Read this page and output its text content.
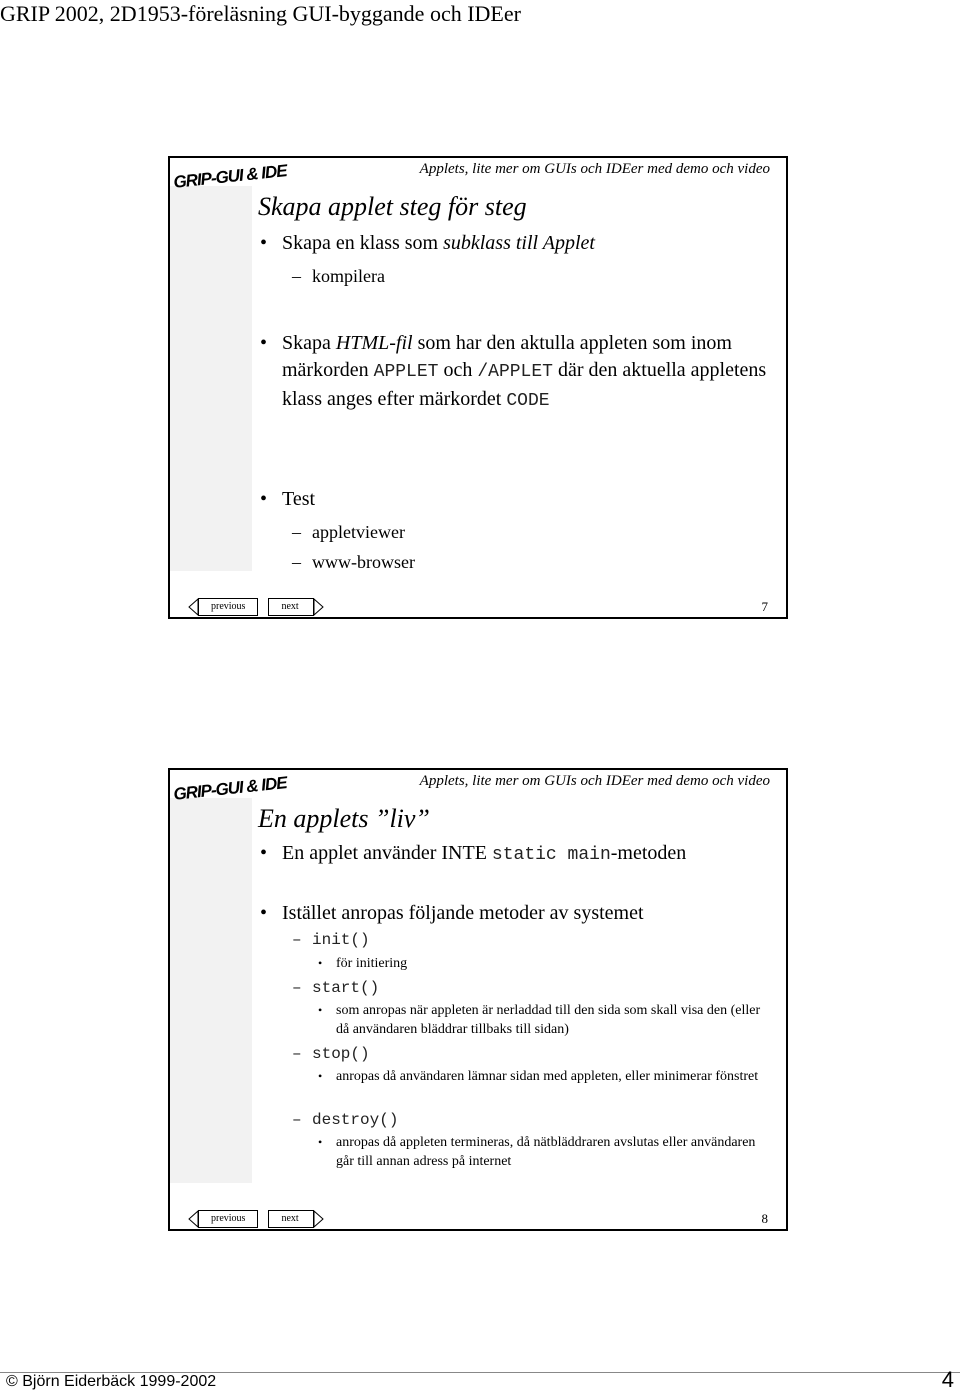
GRIP 2002, 2D1953-föreläsning GUI-byggande och IDEer
GRIP-GUI & IDE	Applets, lite mer om GUIs och IDEer med demo och video
Skapa applet steg för steg
• Skapa en klass som subklass till Applet
– kompilera
• Skapa HTML-fil som har den aktulla appleten som inom märkorden APPLET och /APPLET där den aktuella appletens klass anges efter märkordet CODE
• Test
– appletviewer
– www-browser
previous	next	7
GRIP-GUI & IDE	Applets, lite mer om GUIs och IDEer med demo och video
En applets ”liv”
• En applet använder INTE static main-metoden
• Istället anropas följande metoder av systemet
– init()
• för initiering
– start()
• som anropas när appleten är nerladdad till den sida som skall visa den (eller då användaren bläddrar tillbaks till sidan)
– stop()
• anropas då användaren lämnar sidan med appleten, eller minimerar fönstret
– destroy()
• anropas då appleten termineras, då nätbläddraren avslutas eller användaren går till annan adress på internet
previous	next	8
© Björn Eiderbäck 1999-2002	4
